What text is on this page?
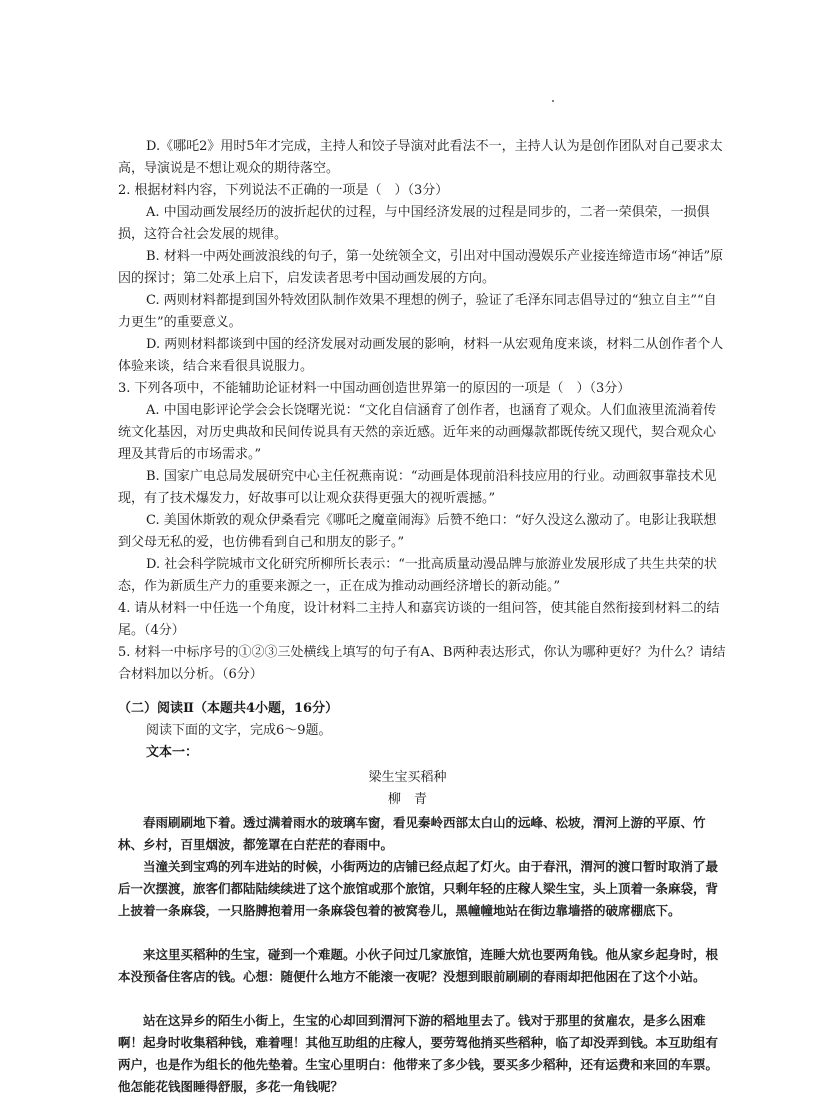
D.《哪吒2》用时5年才完成，主持人和饺子导演对此看法不一，主持人认为是创作团队对自己要求太高，导演说是不想让观众的期待落空。

2. 根据材料内容，下列说法不正确的一项是（　）（3分）

A. 中国动画发展经历的波折起伏的过程，与中国经济发展的过程是同步的，二者一荣俱荣，一损俱损，这符合社会发展的规律。

B. 材料一中两处画波浪线的句子，第一处统领全文，引出对中国动漫娱乐产业接连缔造市场“神话”原因的探讨；第二处承上启下，启发读者思考中国动画发展的方向。

C. 两则材料都提到国外特效团队制作效果不理想的例子，验证了毛泽东同志倡导过的“独立自主”“自力更生”的重要意义。

D. 两则材料都谈到中国的经济发展对动画发展的影响，材料一从宏观角度来谈，材料二从创作者个人体验来谈，结合来看很具说服力。

3. 下列各项中，不能辅助论证材料一中国动画创造世界第一的原因的一项是（　）（3分）

A. 中国电影评论学会会长饶曙光说：“文化自信涵育了创作者，也涵育了观众。人们血液里流淌着传统文化基因，对历史典故和民间传说具有天然的亲近感。近年来的动画爆款都既传统又现代，契合观众心理及其背后的市场需求。”

B. 国家广电总局发展研究中心主任祝燕南说：“动画是体现前沿科技应用的行业。动画叙事靠技术见现，有了技术爆发力，好故事可以让观众获得更强大的视听震撼。”

C. 美国休斯敦的观众伊桑看完《哪吒之魔童闹海》后赞不绝口：“好久没这么激动了。电影让我联想到父母无私的爱，也仿佛看到自己和朋友的影子。”

D. 社会科学院城市文化研究所柳所长表示：“一批高质量动漫品牌与旅游业发展形成了共生共荣的状态，作为新质生产力的重要来源之一，正在成为推动动画经济增长的新动能。”

4. 请从材料一中任选一个角度，设计材料二主持人和嘉宾访谈的一组问答，使其能自然衔接到材料二的结尾。（4分）

5. 材料一中标序号的①②③三处横线上填写的句子有A、B两种表达形式，你认为哪种更好？为什么？请结合材料加以分析。（6分）

（二）阅读Ⅱ（本题共4小题，16分）

阅读下面的文字，完成6～9题。

文本一：

梁生宝买稻种

柳　青

春雨刷刷地下着。透过满着雨水的玻璃车窗，看见秦岭西部太白山的远峰、松坡，渭河上游的平原、竹林、乡村，百里烟波，都笼罩在白茫茫的春雨中。

当潼关到宝鸡的列车进站的时候，小街两边的店铺已经点起了灯火。由于春汛，渭河的渡口暂时取消了最后一次摆渡，旅客们都陆陆续续进了这个旅馆或那个旅馆，只剩年轻的庄稼人梁生宝，头上顶着一条麻袋，背上披着一条麻袋，一只胳膊抱着用一条麻袋包着的被窝卷儿，黑幢幢地站在街边靠墙搭的破席棚底下。

来这里买稻种的生宝，碰到一个难题。小伙子问过几家旅馆，连睡大炕也要两角钱。他从家乡起身时，根本没预备住客店的钱。心想：随便什么地方不能滚一夜呢？没想到眼前刷刷的春雨却把他困在了这个小站。

站在这异乡的陌生小街上，生宝的心却回到渭河下游的稻地里去了。钱对于那里的贫雇农，是多么困难啊！起身时收集稻种钱，难着哩！其他互助组的庄稼人，要劳驾他捎买些稻种，临了却没弄到钱。本互助组有两户，也是作为组长的他先垫着。生宝心里明白：他带来了多少钱，要买多少稻种，还有运费和来回的车票。他怎能花钱图睡得舒服，多花一角钱呢？
